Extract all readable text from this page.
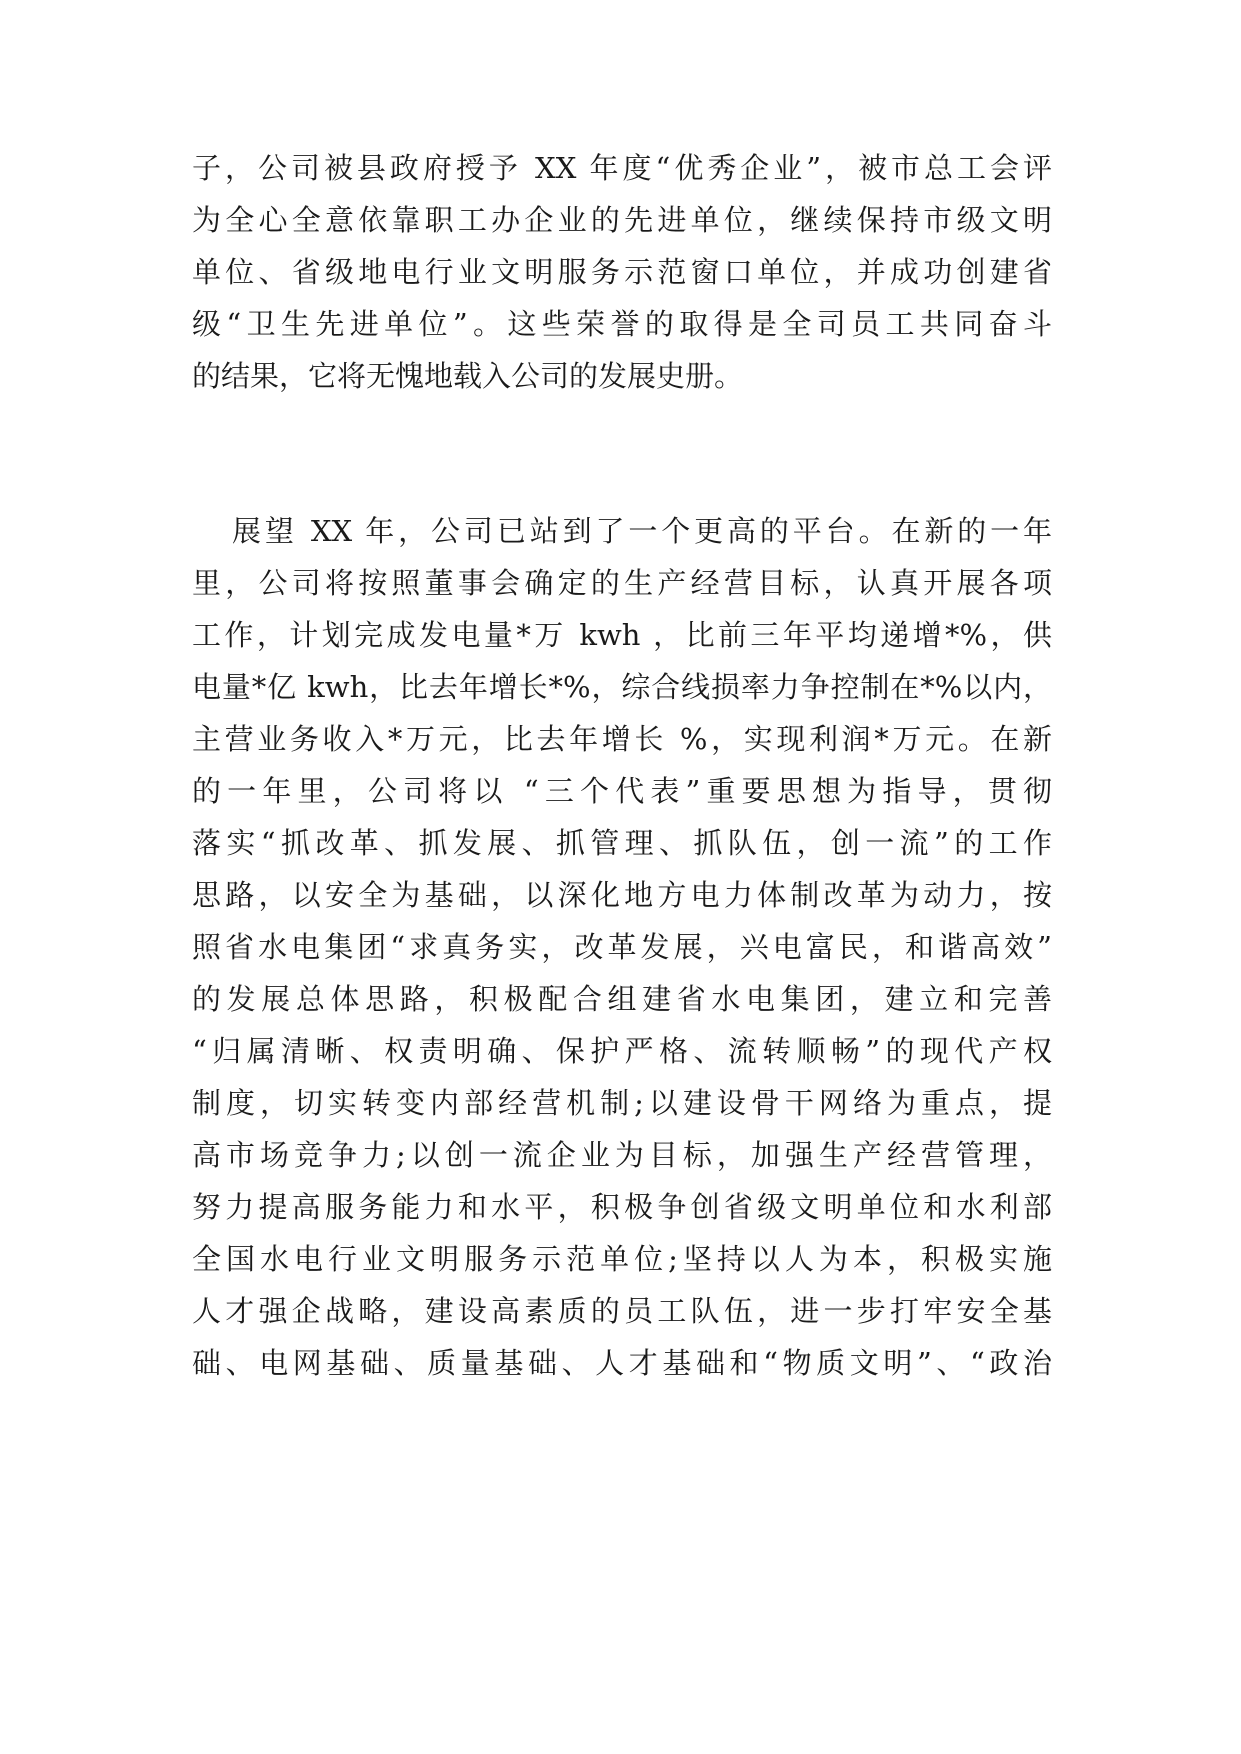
子，公司被县政府授予 XX 年度“优秀企业”，被市总工会评
为全心全意依靠职工办企业的先进单位，继续保持市级文明
单位、省级地电行业文明服务示范窗口单位，并成功创建省
级“卫生先进单位”。这些荣誉的取得是全司员工共同奋斗
的结果，它将无愧地载入公司的发展史册。
展望 XX 年，公司已站到了一个更高的平台。在新的一年
里，公司将按照董事会确定的生产经营目标，认真开展各项
工作，计划完成发电量*万 kwh ，比前三年平均递增*%，供
电量*亿 kwh，比去年增长*%，综合线损率力争控制在*%以内，
主营业务收入*万元，比去年增长 %，实现利润*万元。在新
的一年里，公司将以 “三个代表”重要思想为指导，贯彻
落实“抓改革、抓发展、抓管理、抓队伍，创一流”的工作
思路，以安全为基础，以深化地方电力体制改革为动力，按
照省水电集团“求真务实，改革发展，兴电富民，和谐高效”
的发展总体思路，积极配合组建省水电集团，建立和完善
“归属清晰、权责明确、保护严格、流转顺畅”的现代产权
制度，切实转变内部经营机制;以建设骨干网络为重点，提
高市场竞争力;以创一流企业为目标，加强生产经营管理，
努力提高服务能力和水平，积极争创省级文明单位和水利部
全国水电行业文明服务示范单位;坚持以人为本，积极实施
人才强企战略，建设高素质的员工队伍，进一步打牢安全基
础、电网基础、质量基础、人才基础和“物质文明”、“政治
